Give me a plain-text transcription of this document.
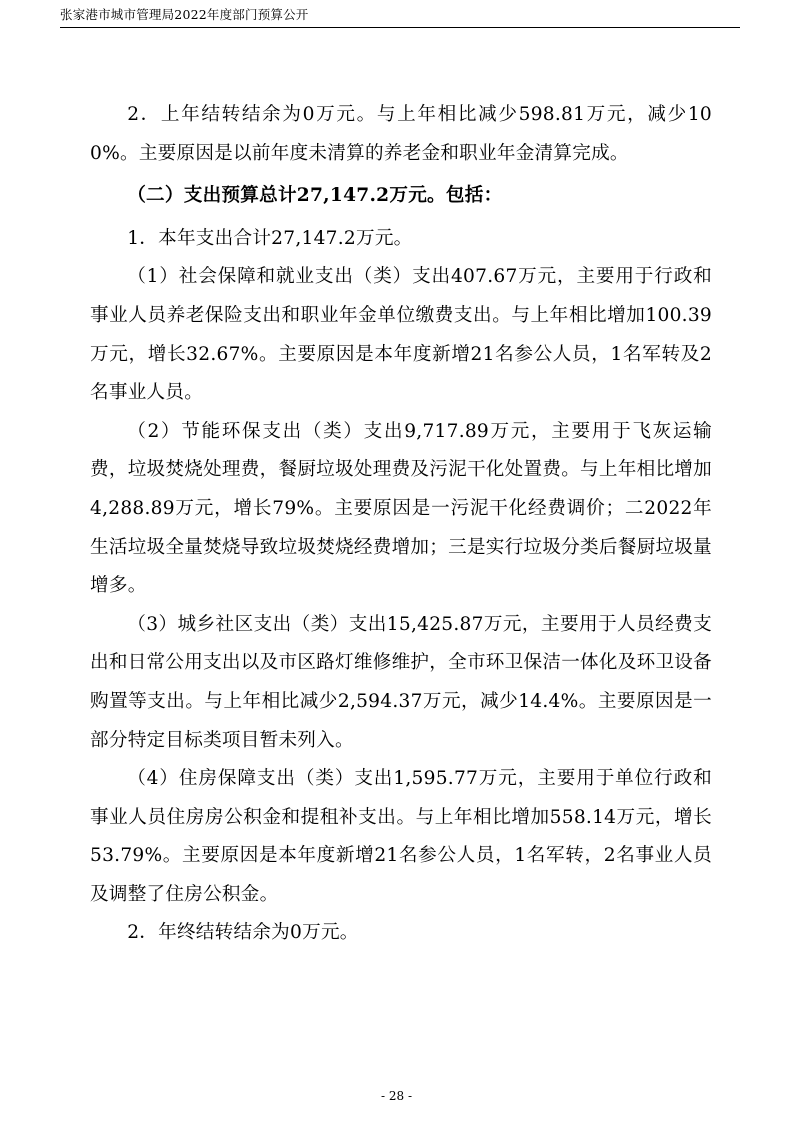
张家港市城市管理局2022年度部门预算公开

2．上年结转结余为0万元。与上年相比减少598.81万元，减少100%。主要原因是以前年度未清算的养老金和职业年金清算完成。

（二）支出预算总计27,147.2万元。包括：

1．本年支出合计27,147.2万元。

（1）社会保障和就业支出（类）支出407.67万元，主要用于行政和事业人员养老保险支出和职业年金单位缴费支出。与上年相比增加100.39万元，增长32.67%。主要原因是本年度新增21名参公人员，1名军转及2名事业人员。

（2）节能环保支出（类）支出9,717.89万元，主要用于飞灰运输费，垃圾焚烧处理费，餐厨垃圾处理费及污泥干化处置费。与上年相比增加4,288.89万元，增长79%。主要原因是一污泥干化经费调价；二2022年生活垃圾全量焚烧导致垃圾焚烧经费增加；三是实行垃圾分类后餐厨垃圾量增多。

（3）城乡社区支出（类）支出15,425.87万元，主要用于人员经费支出和日常公用支出以及市区路灯维修维护，全市环卫保洁一体化及环卫设备购置等支出。与上年相比减少2,594.37万元，减少14.4%。主要原因是一部分特定目标类项目暂未列入。

（4）住房保障支出（类）支出1,595.77万元，主要用于单位行政和事业人员住房房公积金和提租补支出。与上年相比增加558.14万元，增长53.79%。主要原因是本年度新增21名参公人员，1名军转，2名事业人员及调整了住房公积金。

2．年终结转结余为0万元。

- 28 -
